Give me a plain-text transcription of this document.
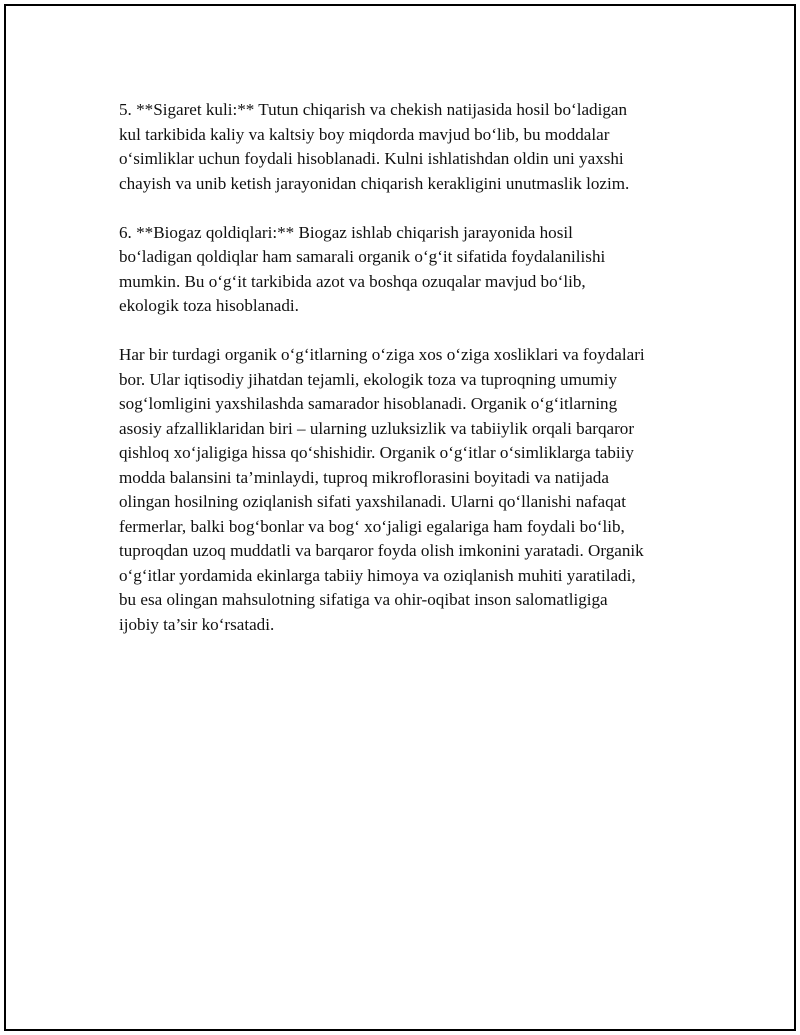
5. **Sigaret kuli:** Tutun chiqarish va chekish natijasida hosil bo‘ladigan
kul tarkibida kaliy va kaltsiy boy miqdorda mavjud bo‘lib, bu moddalar
o‘simliklar uchun foydali hisoblanadi. Kulni ishlatishdan oldin uni yaxshi
chayish va unib ketish jarayonidan chiqarish kerakligini unutmaslik lozim.

6. **Biogaz qoldiqlari:** Biogaz ishlab chiqarish jarayonida hosil
bo‘ladigan qoldiqlar ham samarali organik o‘g‘it sifatida foydalanilishi
mumkin. Bu o‘g‘it tarkibida azot va boshqa ozuqalar mavjud bo‘lib,
ekologik toza hisoblanadi.

Har bir turdagi organik o‘g‘itlarning o‘ziga xos o‘ziga xosliklari va foydalari
bor. Ular iqtisodiy jihatdan tejamli, ekologik toza va tuproqning umumiy
sog‘lomligini yaxshilashda samarador hisoblanadi. Organik o‘g‘itlarning
asosiy afzalliklaridan biri – ularning uzluksizlik va tabiiylik orqali barqaror
qishloq xo‘jaligiga hissa qo‘shishidir. Organik o‘g‘itlar o‘simliklarga tabiiy
modda balansini ta’minlaydi, tuproq mikroflorasini boyitadi va natijada
olingan hosilning oziqlanish sifati yaxshilanadi. Ularni qo‘llanishi nafaqat
fermerlar, balki bog‘bonlar va bog‘ xo‘jaligi egalariga ham foydali bo‘lib,
tuproqdan uzoq muddatli va barqaror foyda olish imkonini yaratadi. Organik
o‘g‘itlar yordamida ekinlarga tabiiy himoya va oziqlanish muhiti yaratiladi,
bu esa olingan mahsulotning sifatiga va ohir-oqibat inson salomatligiga
ijobiy ta’sir ko‘rsatadi.
